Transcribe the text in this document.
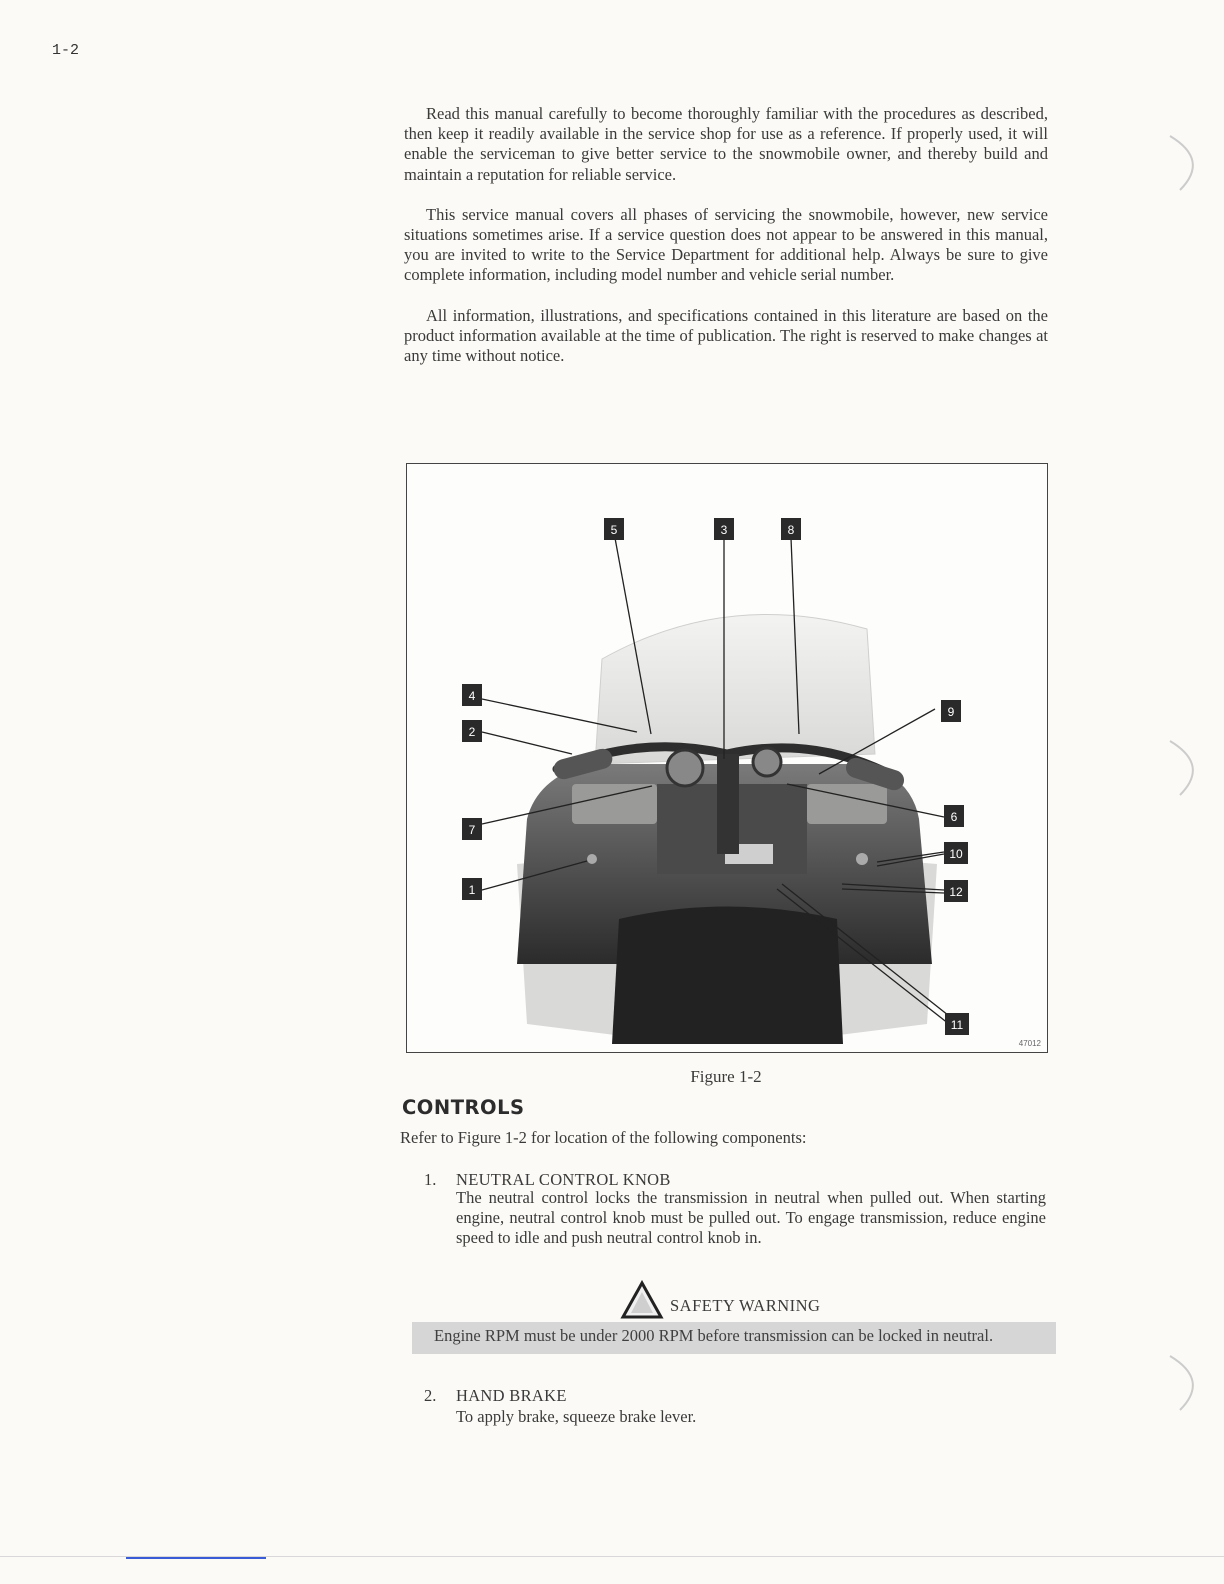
1-2

Read this manual carefully to become thoroughly familiar with the procedures as described, then keep it readily available in the service shop for use as a reference. If properly used, it will enable the serviceman to give better service to the snowmobile owner, and thereby build and maintain a reputation for reliable service.

This service manual covers all phases of servicing the snowmobile, however, new service situations sometimes arise. If a service question does not appear to be answered in this manual, you are invited to write to the Service Department for additional help. Always be sure to give complete information, including model number and vehicle serial number.

All information, illustrations, and specifications contained in this literature are based on the product information available at the time of publication. The right is reserved to make changes at any time without notice.

5	3	8
4
2
9
7
6
10
1	12
11
47012
Figure 1-2
CONTROLS
Refer to Figure 1-2 for location of the following components:
1. NEUTRAL CONTROL KNOB
The neutral control locks the transmission in neutral when pulled out. When starting engine, neutral control knob must be pulled out. To engage transmission, reduce engine speed to idle and push neutral control knob in.
SAFETY WARNING
Engine RPM must be under 2000 RPM before transmission can be locked in neutral.
2. HAND BRAKE
To apply brake, squeeze brake lever.
